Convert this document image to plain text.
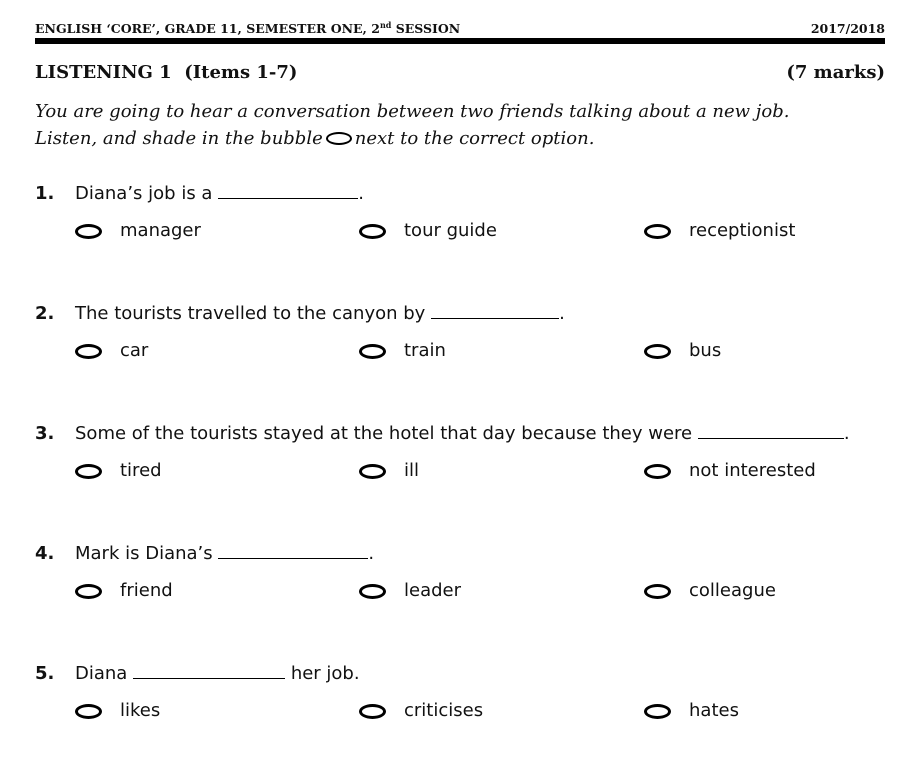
ENGLISH ‘CORE’, GRADE 11, SEMESTER ONE, 2nd SESSION	2017/2018
LISTENING 1  (Items 1-7)	(7 marks)
You are going to hear a conversation between two friends talking about a new job.
Listen, and shade in the bubble next to the correct option.
1. Diana’s job is a	.
manager	tour guide	receptionist
2. The tourists travelled to the canyon by	.
car	train	bus
3. Some of the tourists stayed at the hotel that day because they were	.
tired	ill	not interested
4. Mark is Diana’s	.
friend	leader	colleague
5. Diana	her job.
likes	criticises	hates
